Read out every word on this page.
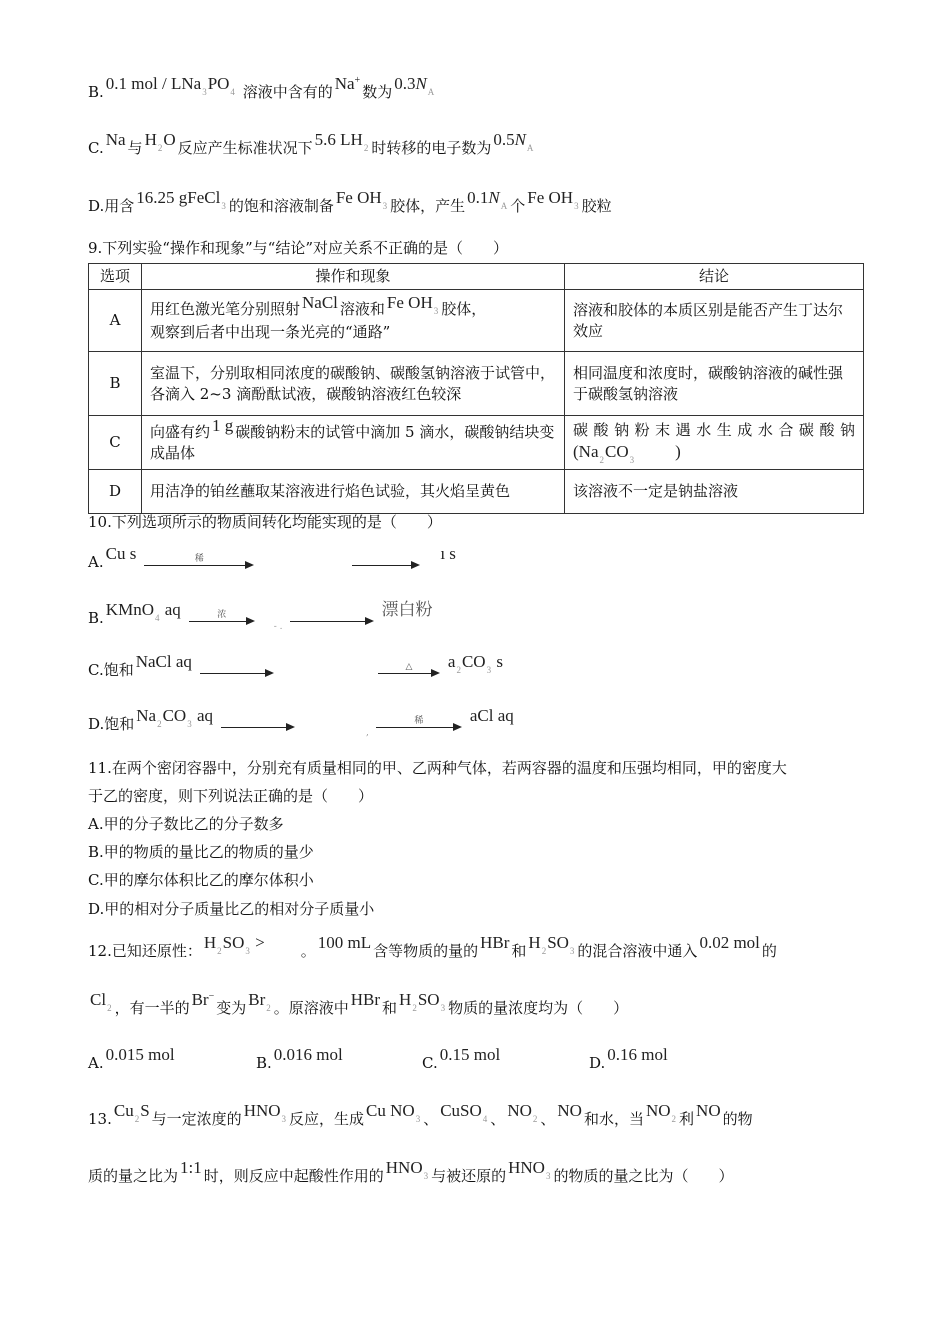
B. 0.1 mol / $LNa_3PO_4$ 溶液中含有的 Na+数为 $0.3N_A$
C. Na 与 $H_2O$ 反应产生标准状况下 5.6 $LH_2$ 时转移的电子数为 $0.5N_A$
D.用含 16.25 gFeCl$_3$ 的饱和溶液制备 Fe $OH_3$ 胶体，产生 $0.1N_A$ 个 Fe $OH_3$ 胶粒
9.下列实验“操作和现象”与“结论”对应关系不正确的是（　　）
选项	操作和现象	结论
A	用红色激光笔分别照射 NaCl 溶液和 Fe $OH_3$ 胶体，
观察到后者中出现一条光亮的“通路”	溶液和胶体的本质区别是能否产生丁达尔效应
B	室温下，分别取相同浓度的碳酸钠、碳酸氢钠溶液于试管中，各滴入 2~3 滴酚酞试液，碳酸钠溶液红色较深	相同温度和浓度时，碳酸钠溶液的碱性强于碳酸氢钠溶液
C	向盛有约 1 g 碳酸钠粉末的试管中滴加 5 滴水，碳酸钠结块变成晶体	碳酸钠粉末遇水生成水合碳酸钠
($Na_2CO_3$ )
D	用洁净的铂丝蘸取某溶液进行焰色试验，其火焰呈黄色	该溶液不一定是钠盐溶液
10.下列选项所示的物质间转化均能实现的是（　　）
A. Cu s	稀	ı s
B. KMnO$_4$ aq	浓
$_{- .}$
漂白粉
C.饱和 NaCl aq	△	$a_2CO_3$ s
D.饱和 $Na_2CO_3$ aq
$_,$
稀	aCl aq
11.在两个密闭容器中，分别充有质量相同的甲、乙两种气体，若两容器的温度和压强均相同，甲的密度大
于乙的密度，则下列说法正确的是（　　）
A.甲的分子数比乙的分子数多
B.甲的物质的量比乙的物质的量少
C.甲的摩尔体积比乙的摩尔体积小
D.甲的相对分子质量比乙的相对分子质量小
12.已知还原性： $H_2SO_3$ > 。 100 mL 含等物质的量的 HBr 和 $H_2SO_3$ 的混合溶液中通入 0.02 mol 的
$Cl_2$ ，有一半的 Br−变为 $Br_2$ 。原溶液中 HBr 和 $H_2SO_3$ 物质的量浓度均为（　　）
A. 0.015 mol	B. 0.016 mol	C. 0.15 mol	D. 0.16 mol
13. $Cu_2S$ 与一定浓度的 $HNO_3$ 反应，生成 Cu $NO_3$ 、 CuSO$_4$ 、 $NO_2$ 、 NO 和水，当 $NO_2$ 利 NO 的物
质的量之比为 1:1 时，则反应中起酸性作用的 $HNO_3$ 与被还原的 $HNO_3$ 的物质的量之比为（　　）
